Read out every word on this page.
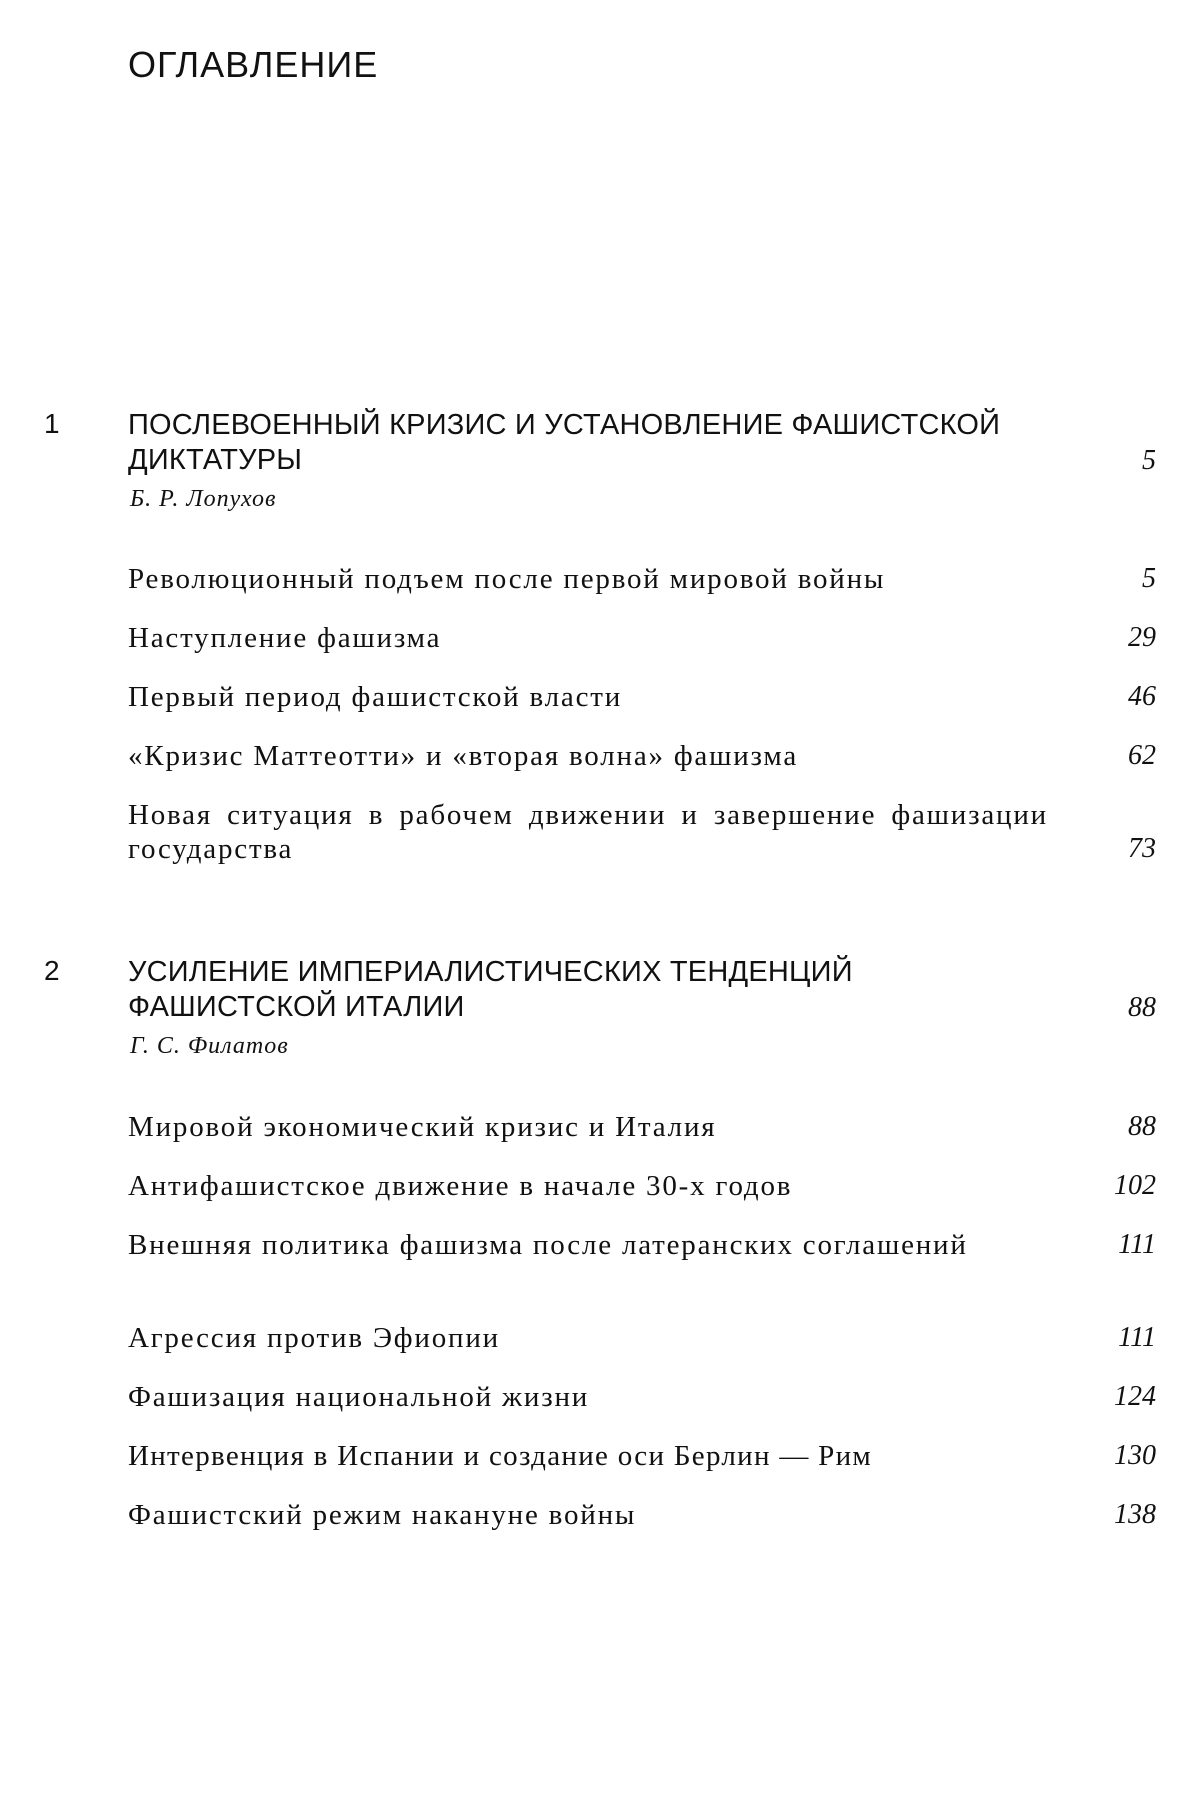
ОГЛАВЛЕНИЕ
1 ПОСЛЕВОЕННЫЙ КРИЗИС И УСТАНОВЛЕНИЕ ФАШИСТСКОЙ ДИКТАТУРЫ	5
Б. Р. Лопухов
Революционный подъем после первой мировой войны	5
Наступление фашизма	29
Первый период фашистской власти	46
«Кризис Маттеотти» и «вторая волна» фашизма	62
Новая ситуация в рабочем движении и завершение фашизации государства	73
2 УСИЛЕНИЕ ИМПЕРИАЛИСТИЧЕСКИХ ТЕНДЕНЦИЙ ФАШИСТСКОЙ ИТАЛИИ	88
Г. С. Филатов
Мировой экономический кризис и Италия	88
Антифашистское движение в начале 30-х годов	102
Внешняя политика фашизма после латеранских соглашений	111
Агрессия против Эфиопии	111
Фашизация национальной жизни	124
Интервенция в Испании и создание оси Берлин — Рим	130
Фашистский режим накануне войны	138
